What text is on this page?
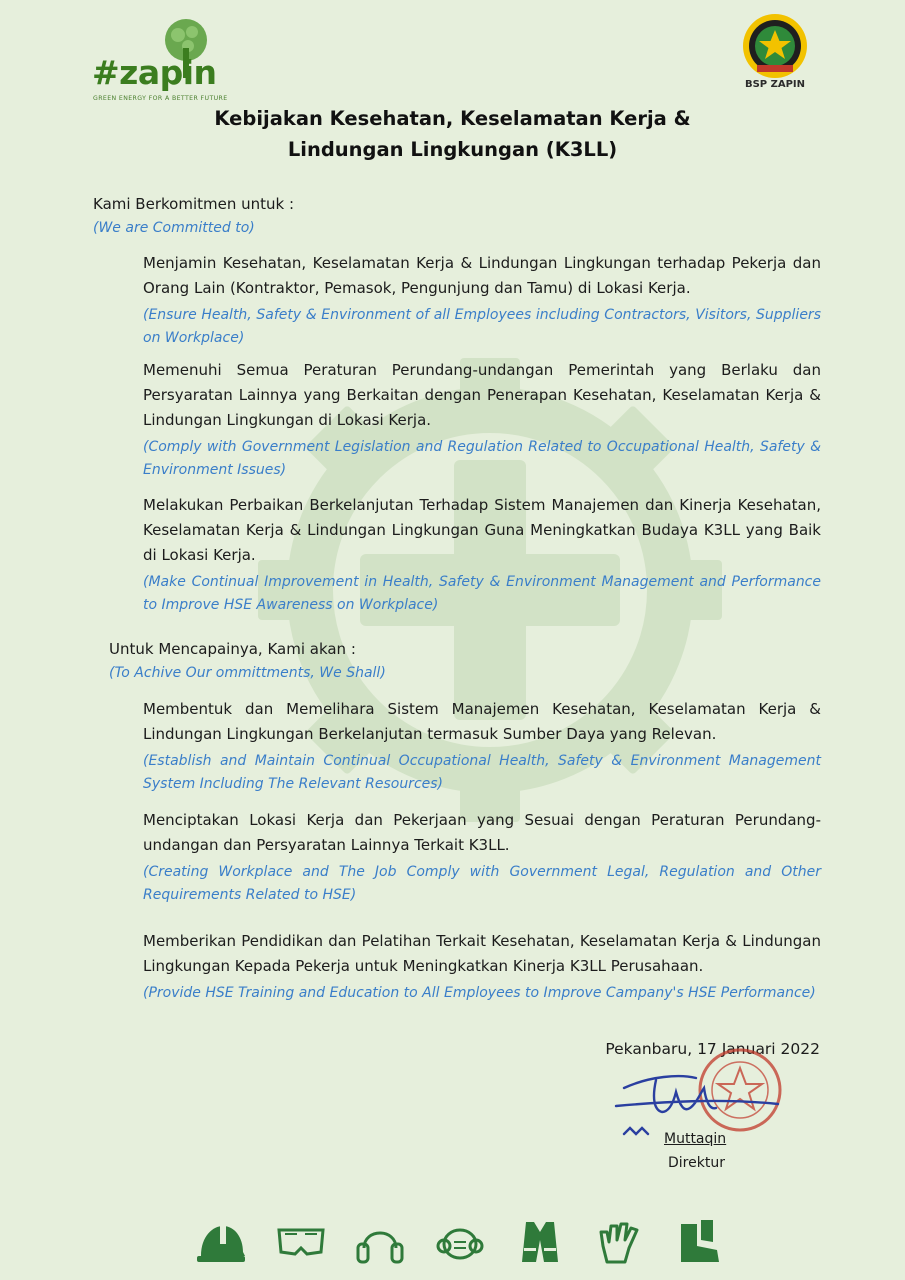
#zapin
GREEN ENERGY FOR A BETTER FUTURE
BSP ZAPIN
Kebijakan Kesehatan, Keselamatan Kerja &
Lindungan Lingkungan (K3LL)
Kami Berkomitmen untuk :
(We are Committed to)
Menjamin Kesehatan, Keselamatan Kerja & Lindungan Lingkungan terhadap Pekerja dan Orang Lain (Kontraktor, Pemasok, Pengunjung dan Tamu) di Lokasi Kerja.
(Ensure Health, Safety & Environment of all Employees including Contractors, Visitors, Suppliers on Workplace)
Memenuhi Semua Peraturan Perundang-undangan Pemerintah yang Berlaku dan Persyaratan Lainnya yang Berkaitan dengan Penerapan Kesehatan, Keselamatan Kerja & Lindungan Lingkungan di Lokasi Kerja.
(Comply with Government Legislation and Regulation Related to Occupational Health, Safety & Environment Issues)
Melakukan Perbaikan Berkelanjutan Terhadap Sistem Manajemen dan Kinerja Kesehatan, Keselamatan Kerja & Lindungan Lingkungan Guna Meningkatkan Budaya K3LL yang Baik di Lokasi Kerja.
(Make Continual Improvement in Health, Safety & Environment Management and Performance to Improve HSE Awareness on Workplace)
Untuk Mencapainya, Kami akan :
(To Achive Our ommittments, We Shall)
Membentuk dan Memelihara Sistem Manajemen Kesehatan, Keselamatan Kerja & Lindungan Lingkungan Berkelanjutan termasuk Sumber Daya yang Relevan.
(Establish and Maintain Continual Occupational Health, Safety & Environment Management System Including The Relevant Resources)
Menciptakan Lokasi Kerja dan Pekerjaan yang Sesuai dengan Peraturan Perundang-undangan dan Persyaratan Lainnya Terkait K3LL.
(Creating Workplace and The Job Comply with Government Legal, Regulation and Other Requirements Related to HSE)
Memberikan Pendidikan dan Pelatihan Terkait Kesehatan, Keselamatan Kerja & Lindungan Lingkungan Kepada Pekerja untuk Meningkatkan Kinerja K3LL Perusahaan.
(Provide HSE Training and Education to All Employees to Improve Campany's HSE Performance)
Pekanbaru, 17 Januari 2022
Muttaqin
Direktur
